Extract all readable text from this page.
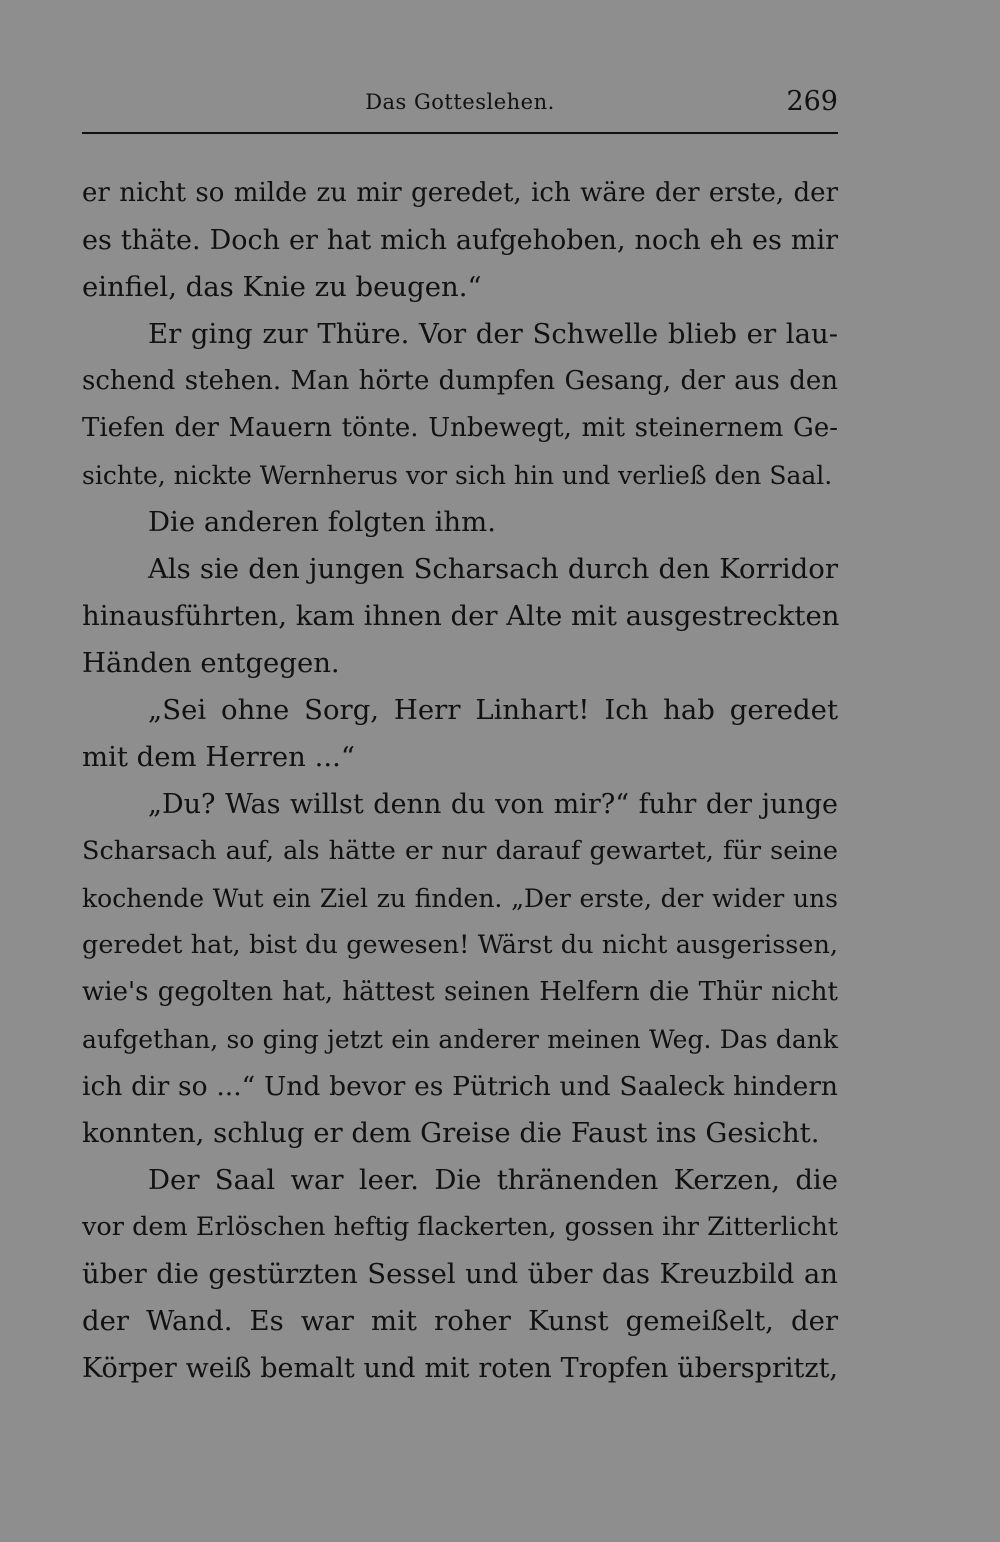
Das Gotteslehen.	269
er nicht so milde zu mir geredet, ich wäre der erste, der
es thäte. Doch er hat mich aufgehoben, noch eh es mir
einfiel, das Knie zu beugen.“
Er ging zur Thüre. Vor der Schwelle blieb er lau-
schend stehen. Man hörte dumpfen Gesang, der aus den
Tiefen der Mauern tönte. Unbewegt, mit steinernem Ge-
sichte, nickte Wernherus vor sich hin und verließ den Saal.
Die anderen folgten ihm.
Als sie den jungen Scharsach durch den Korridor
hinausführten, kam ihnen der Alte mit ausgestreckten
Händen entgegen.
„Sei ohne Sorg, Herr Linhart! Ich hab geredet
mit dem Herren ...“
„Du? Was willst denn du von mir?“ fuhr der junge
Scharsach auf, als hätte er nur darauf gewartet, für seine
kochende Wut ein Ziel zu finden. „Der erste, der wider uns
geredet hat, bist du gewesen! Wärst du nicht ausgerissen,
wie's gegolten hat, hättest seinen Helfern die Thür nicht
aufgethan, so ging jetzt ein anderer meinen Weg. Das dank
ich dir so ...“ Und bevor es Pütrich und Saaleck hindern
konnten, schlug er dem Greise die Faust ins Gesicht.
Der Saal war leer. Die thränenden Kerzen, die
vor dem Erlöschen heftig flackerten, gossen ihr Zitterlicht
über die gestürzten Sessel und über das Kreuzbild an
der Wand. Es war mit roher Kunst gemeißelt, der
Körper weiß bemalt und mit roten Tropfen überspritzt,
